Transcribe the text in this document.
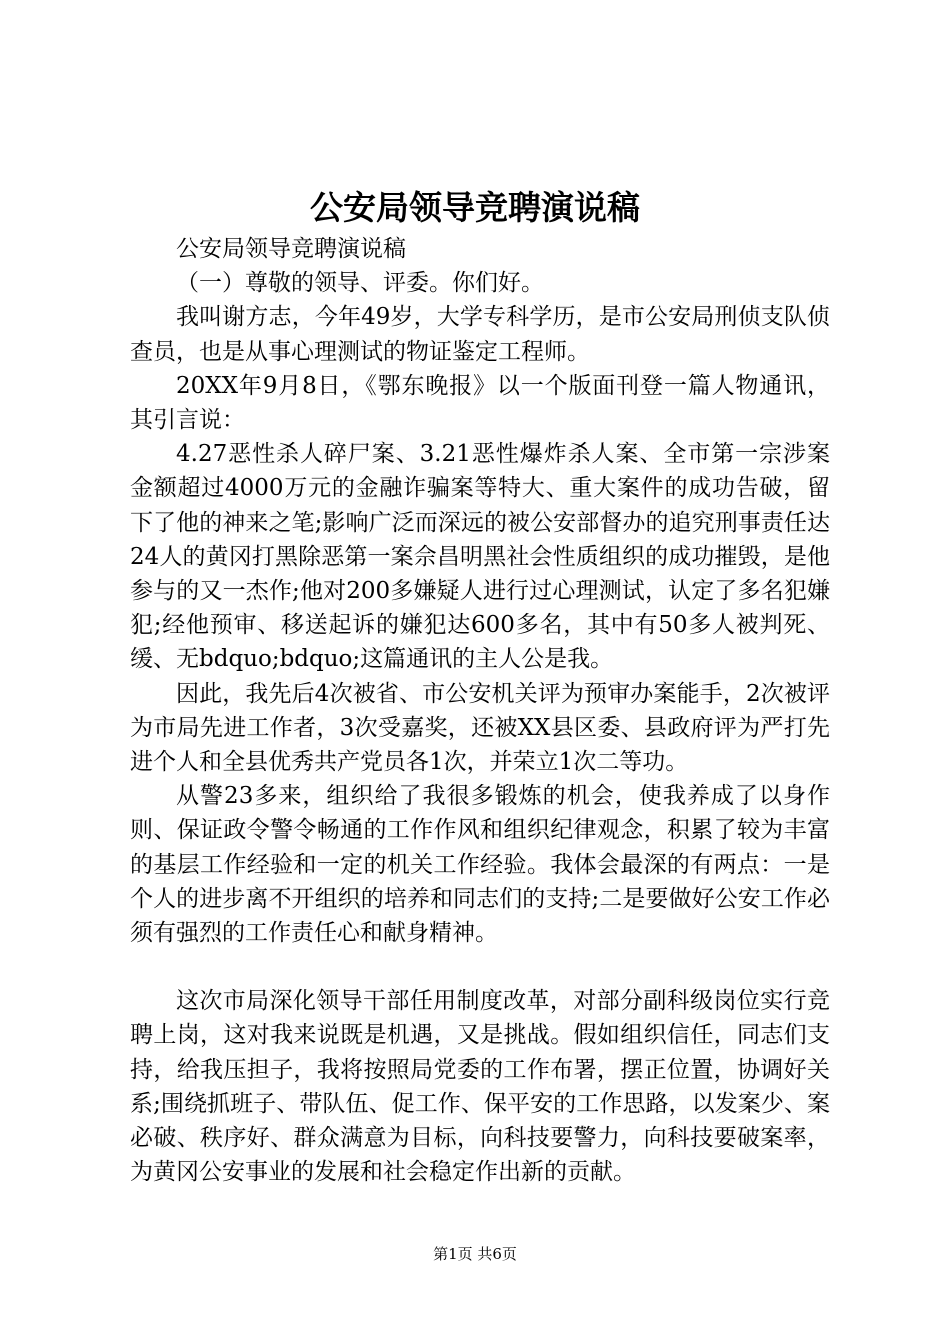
公安局领导竞聘演说稿

公安局领导竞聘演说稿

（一）尊敬的领导、评委。你们好。

我叫谢方志，今年49岁，大学专科学历，是市公安局刑侦支队侦查员，也是从事心理测试的物证鉴定工程师。

20XX年9月8日，《鄂东晚报》以一个版面刊登一篇人物通讯，其引言说：

4.27恶性杀人碎尸案、3.21恶性爆炸杀人案、全市第一宗涉案金额超过4000万元的金融诈骗案等特大、重大案件的成功告破，留下了他的神来之笔;影响广泛而深远的被公安部督办的追究刑事责任达24人的黄冈打黑除恶第一案佘昌明黑社会性质组织的成功摧毁，是他参与的又一杰作;他对200多嫌疑人进行过心理测试，认定了多名犯嫌犯;经他预审、移送起诉的嫌犯达600多名，其中有50多人被判死、缓、无bdquo;bdquo;这篇通讯的主人公是我。

因此，我先后4次被省、市公安机关评为预审办案能手，2次被评为市局先进工作者，3次受嘉奖，还被XX县区委、县政府评为严打先进个人和全县优秀共产党员各1次，并荣立1次二等功。

从警23多来，组织给了我很多锻炼的机会，使我养成了以身作则、保证政令警令畅通的工作作风和组织纪律观念，积累了较为丰富的基层工作经验和一定的机关工作经验。我体会最深的有两点：一是个人的进步离不开组织的培养和同志们的支持;二是要做好公安工作必须有强烈的工作责任心和献身精神。

这次市局深化领导干部任用制度改革，对部分副科级岗位实行竞聘上岗，这对我来说既是机遇，又是挑战。假如组织信任，同志们支持，给我压担子，我将按照局党委的工作布署，摆正位置，协调好关系;围绕抓班子、带队伍、促工作、保平安的工作思路，以发案少、案必破、秩序好、群众满意为目标，向科技要警力，向科技要破案率，为黄冈公安事业的发展和社会稳定作出新的贡献。

第1页 共6页
